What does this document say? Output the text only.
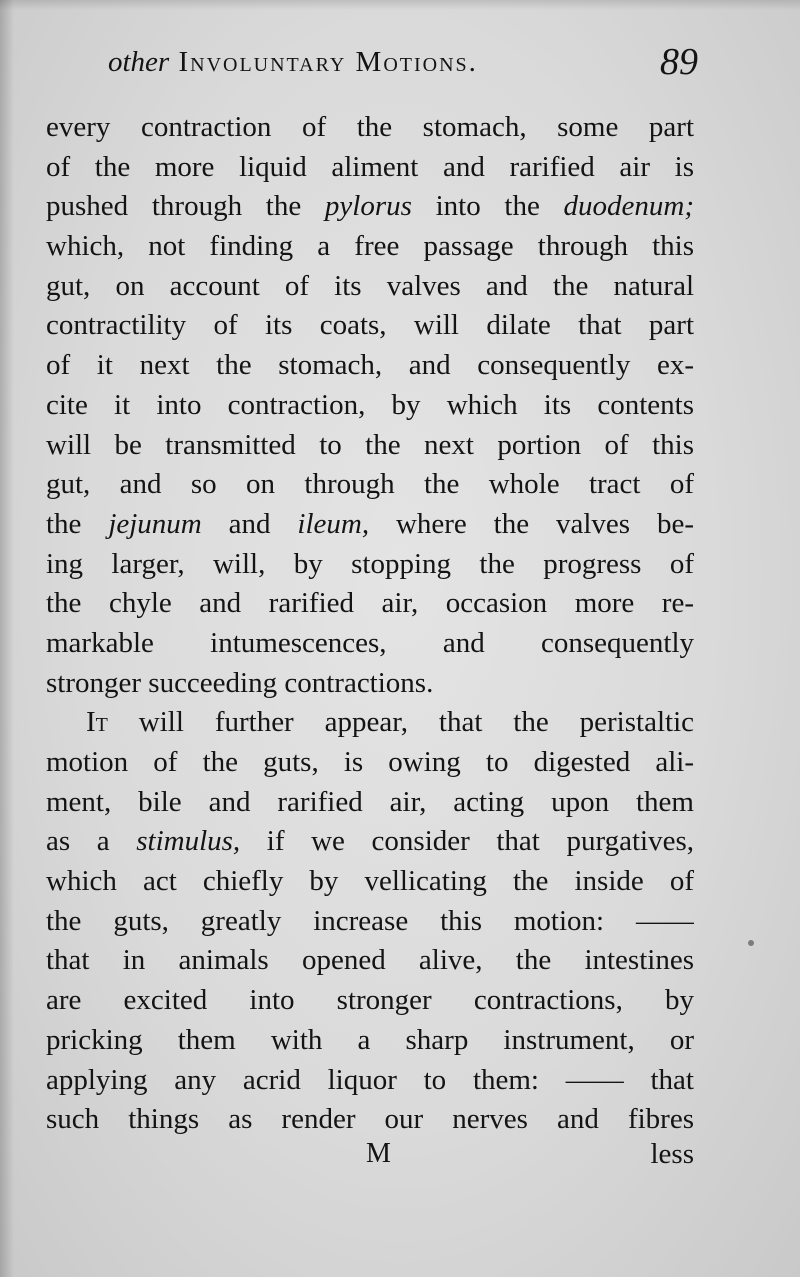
other Involuntary Motions.	89
every contraction of the stomach, some part
of the more liquid aliment and rarified air is
pushed through the pylorus into the duodenum;
which, not finding a free passage through this
gut, on account of its valves and the natural
contractility of its coats, will dilate that part
of it next the stomach, and consequently ex-
cite it into contraction, by which its contents
will be transmitted to the next portion of this
gut, and so on through the whole tract of
the jejunum and ileum, where the valves be-
ing larger, will, by stopping the progress of
the chyle and rarified air, occasion more re-
markable intumescences, and consequently
stronger succeeding contractions.
It will further appear, that the peristaltic
motion of the guts, is owing to digested ali-
ment, bile and rarified air, acting upon them
as a stimulus, if we consider that purgatives,
which act chiefly by vellicating the inside of
the guts, greatly increase this motion: ——
that in animals opened alive, the intestines
are excited into stronger contractions, by
pricking them with a sharp instrument, or
applying any acrid liquor to them: —— that
such things as render our nerves and fibres
M	less
